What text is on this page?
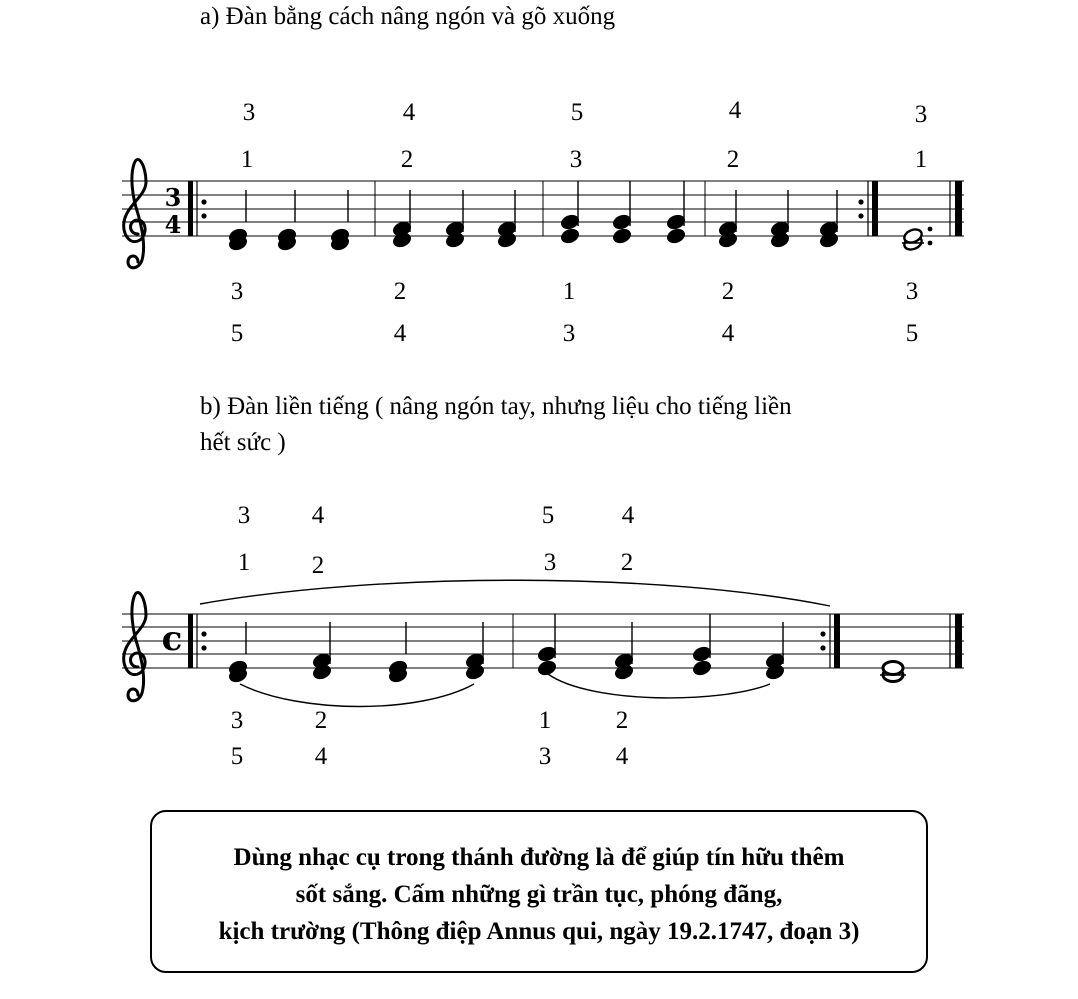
a) Đàn bằng cách nâng ngón và gõ xuống
3
1
4
2
5
3
4
2
3
1
3
5
2
4
1
3
2
4
3
5
b) Đàn liền tiếng ( nâng ngón tay, nhưng liệu cho tiếng liền
hết sức )
3
1
4
2
5
3
4
2
3
5
2
4
1
3
2
4
3
4
c
Dùng nhạc cụ trong thánh đường là để giúp tín hữu thêm
sốt sắng. Cấm những gì trần tục, phóng đãng,
kịch trường (Thông điệp Annus qui, ngày 19.2.1747, đoạn 3)
